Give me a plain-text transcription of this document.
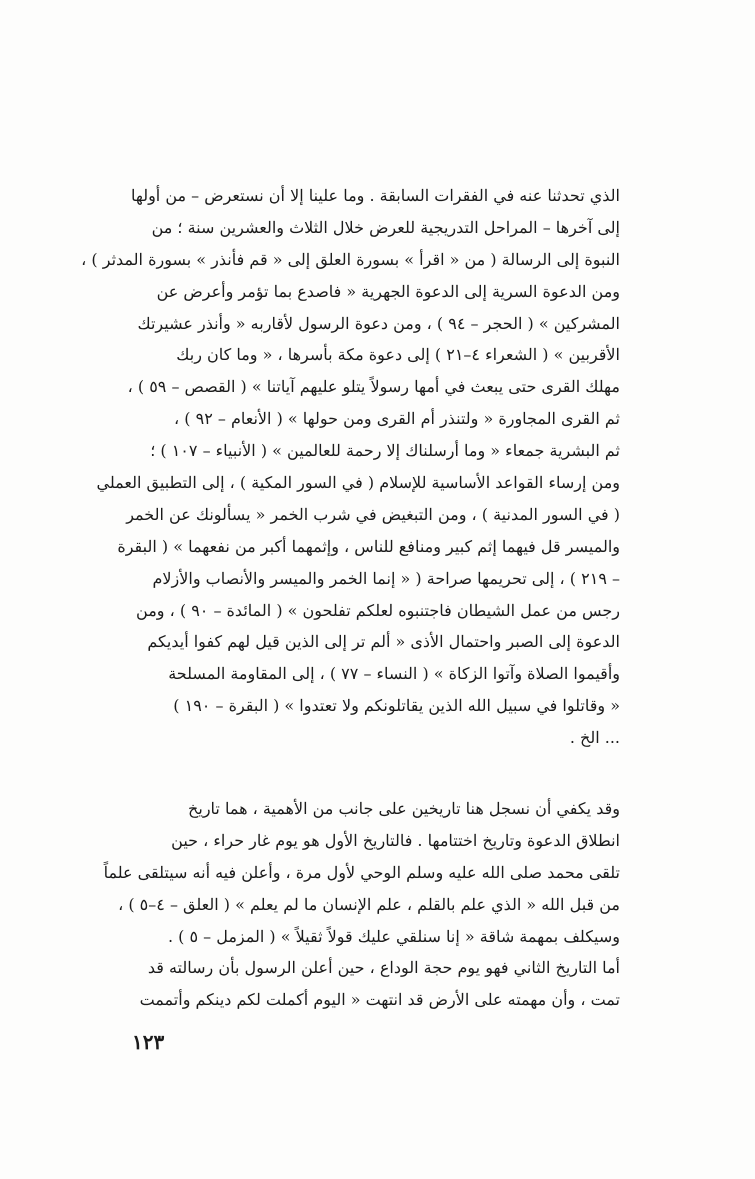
الذي تحدثنا عنه في الفقرات السابقة . وما علينا إلا أن نستعرض – من أولها
إلى آخرها – المراحل التدريجية للعرض خلال الثلاث والعشرين سنة ؛ من
النبوة إلى الرسالة ( من « اقرأ » بسورة العلق إلى « قم فأنذر » بسورة المدثر ) ،
ومن الدعوة السرية إلى الدعوة الجهرية « فاصدع بما تؤمر وأعرض عن
المشركين » ( الحجر – ٩٤ ) ، ومن دعوة الرسول لأقاربه « وأنذر عشيرتك
الأقربين » ( الشعراء ٤–٢١ ) إلى دعوة مكة بأسرها ، « وما كان ربك
مهلك القرى حتى يبعث في أمها رسولاً يتلو عليهم آياتنا » ( القصص – ٥٩ ) ،
ثم القرى المجاورة « ولتنذر أم القرى ومن حولها » ( الأنعام – ٩٢ ) ،
ثم البشرية جمعاء « وما أرسلناك إلا رحمة للعالمين » ( الأنبياء – ١٠٧ ) ؛
ومن إرساء القواعد الأساسية للإسلام ( في السور المكية ) ، إلى التطبيق العملي
( في السور المدنية ) ، ومن التبغيض في شرب الخمر « يسألونك عن الخمر
والميسر قل فيهما إثم كبير ومنافع للناس ، وإثمهما أكبر من نفعهما » ( البقرة
– ٢١٩ ) ، إلى تحريمها صراحة ( « إنما الخمر والميسر والأنصاب والأزلام
رجس من عمل الشيطان فاجتنبوه لعلكم تفلحون » ( المائدة – ٩٠ ) ، ومن
الدعوة إلى الصبر واحتمال الأذى « ألم تر إلى الذين قيل لهم كفوا أيديكم
وأقيموا الصلاة وآتوا الزكاة » ( النساء – ٧٧ ) ، إلى المقاومة المسلحة
« وقاتلوا في سبيل الله الذين يقاتلونكم ولا تعتدوا » ( البقرة – ١٩٠ )
... الخ .
وقد يكفي أن نسجل هنا تاريخين على جانب من الأهمية ، هما تاريخ
انطلاق الدعوة وتاريخ اختتامها . فالتاريخ الأول هو يوم غار حراء ، حين
تلقى محمد صلى الله عليه وسلم الوحي لأول مرة ، وأعلن فيه أنه سيتلقى علماً
من قبل الله « الذي علم بالقلم ، علم الإنسان ما لم يعلم » ( العلق – ٤–٥ ) ،
وسيكلف بمهمة شاقة « إنا سنلقي عليك قولاً ثقيلاً » ( المزمل – ٥ ) .
أما التاريخ الثاني فهو يوم حجة الوداع ، حين أعلن الرسول بأن رسالته قد
تمت ، وأن مهمته على الأرض قد انتهت « اليوم أكملت لكم دينكم وأتممت
١٢٣
